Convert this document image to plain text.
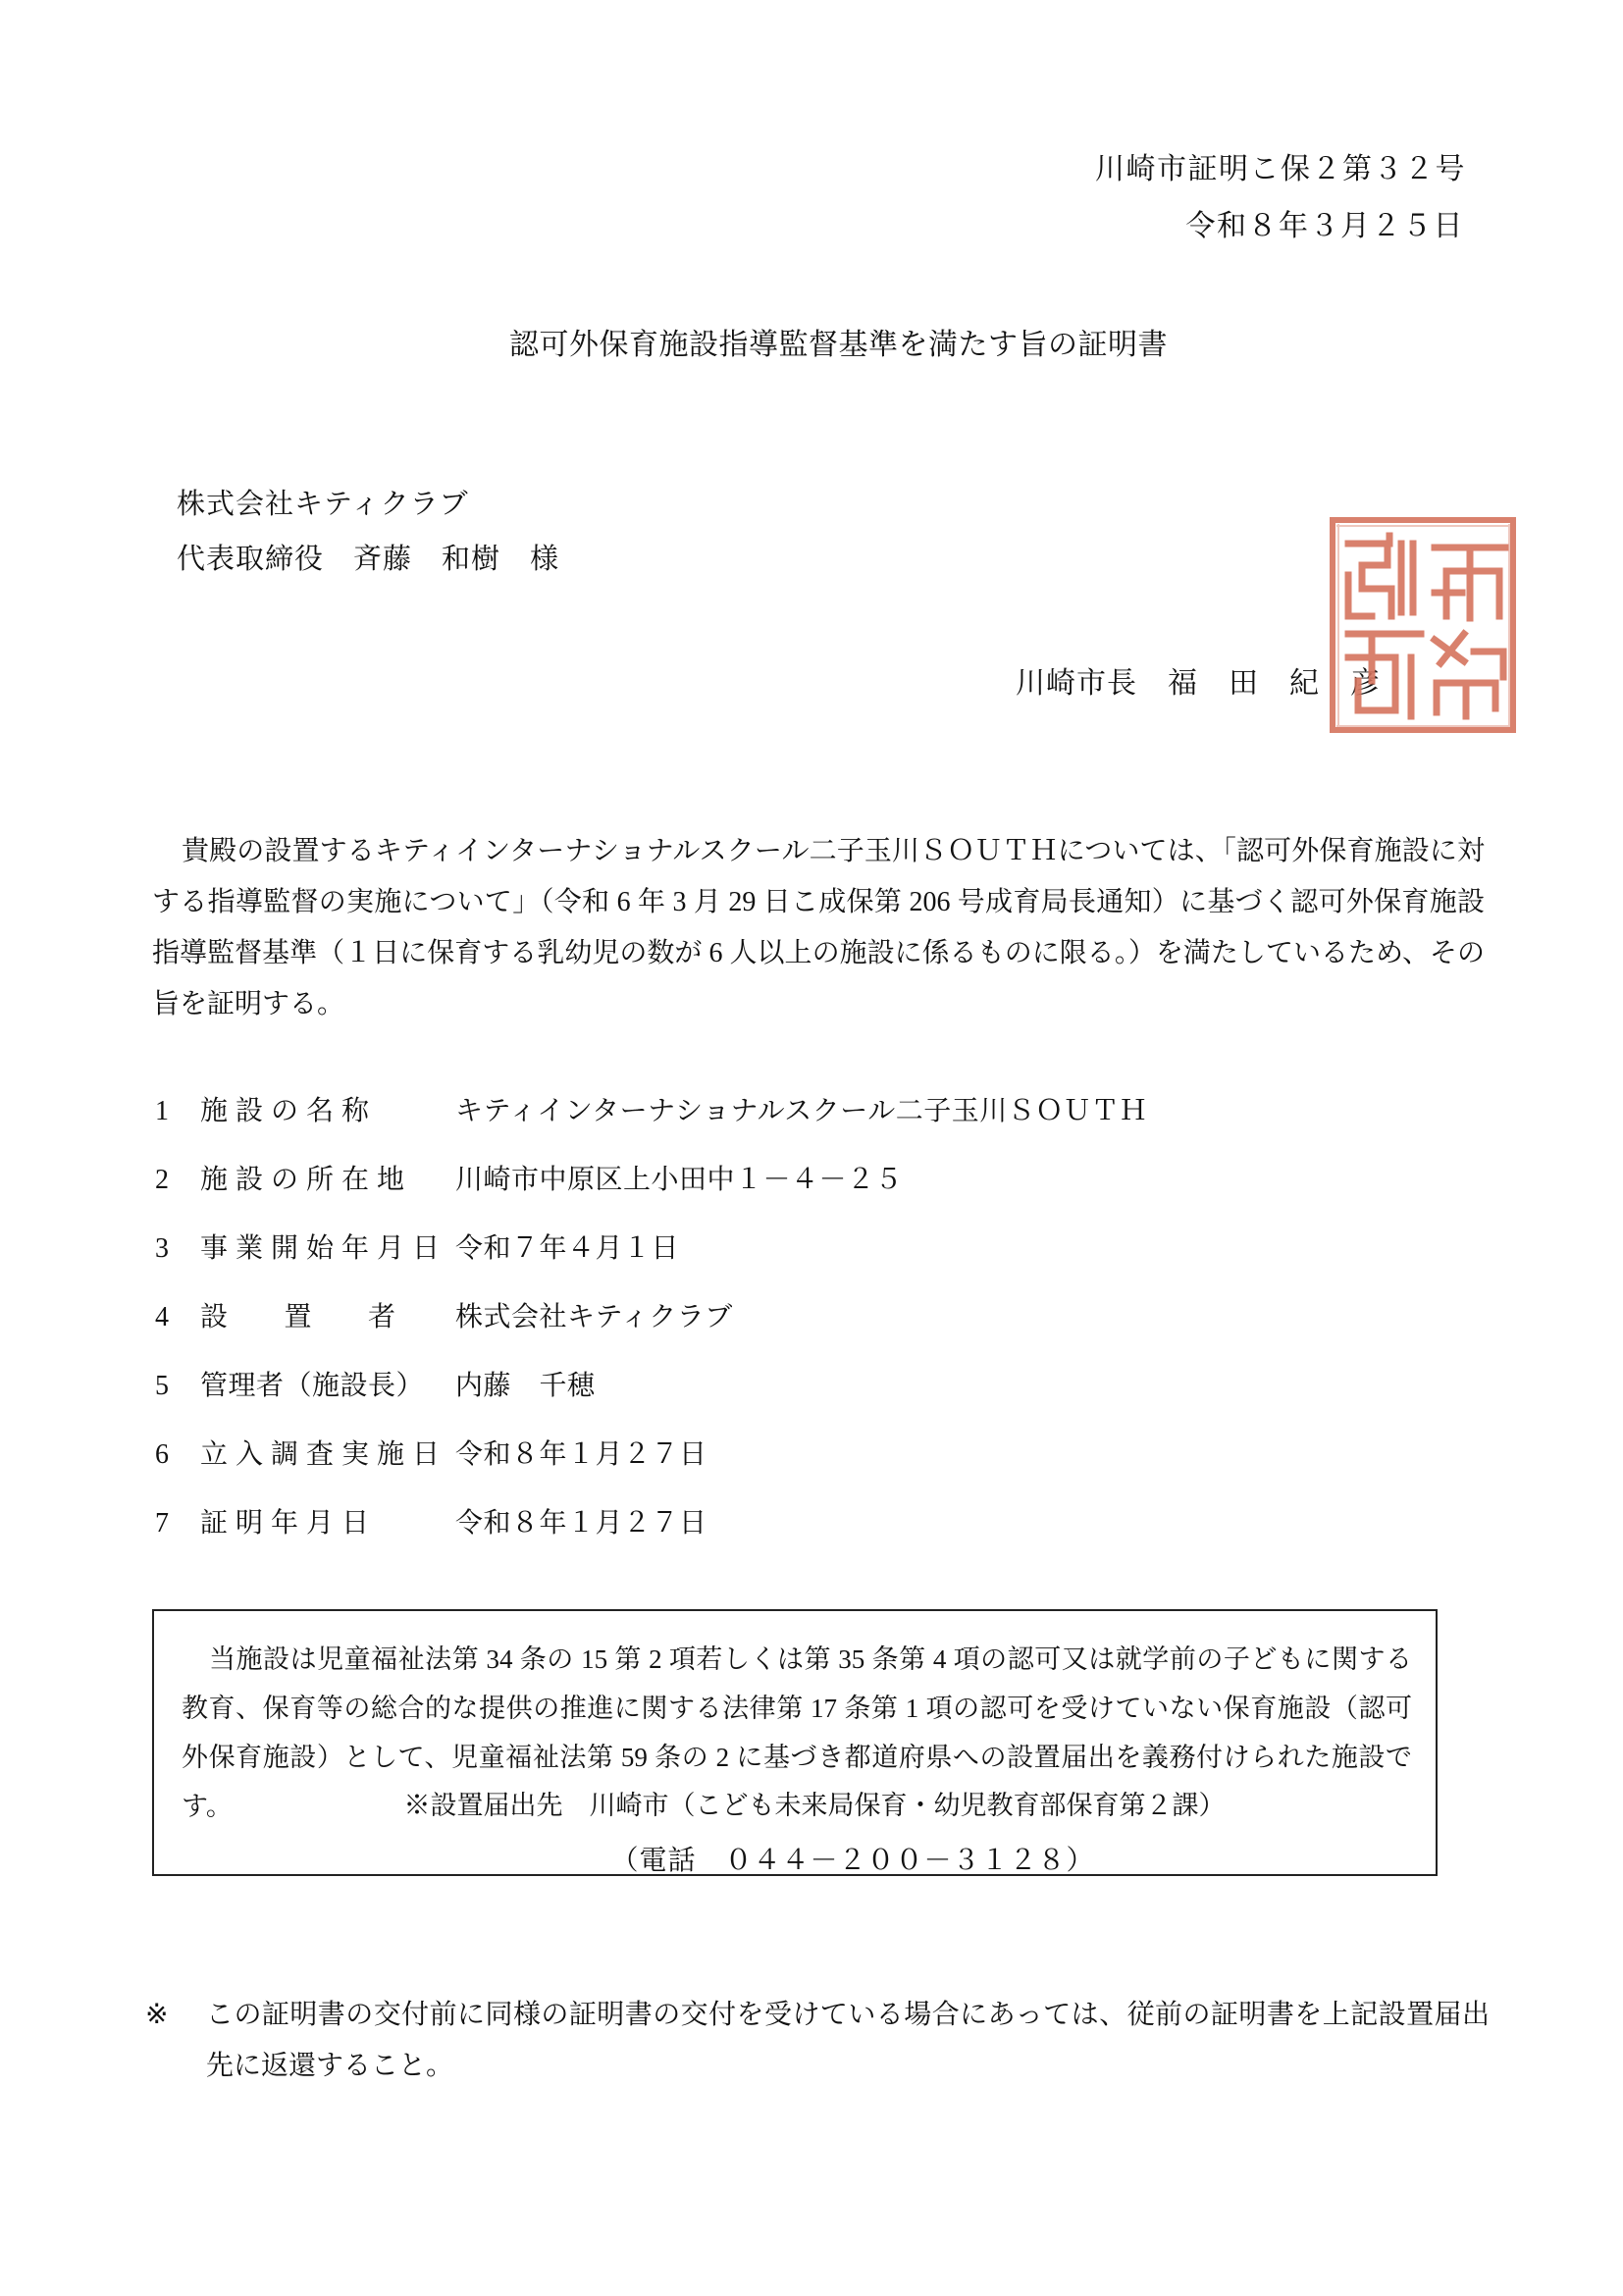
川崎市証明こ保２第３２号
令和８年３月２５日
認可外保育施設指導監督基準を満たす旨の証明書
株式会社キティクラブ
代表取締役　斉藤　和樹　様
川崎市長　福　田　紀　彦
貴殿の設置するキティインターナショナルスクール二子玉川ＳＯＵＴＨについては、「認可外保育施設に対する指導監督の実施について」（令和 6 年 3 月 29 日こ成保第 206 号成育局長通知）に基づく認可外保育施設指導監督基準（１日に保育する乳幼児の数が 6 人以上の施設に係るものに限る。）を満たしているため、その旨を証明する。
1	施 設 の 名 称	キティインターナショナルスクール二子玉川ＳＯＵＴＨ
2	施 設 の 所 在 地	川崎市中原区上小田中１－４－２５
3	事 業 開 始 年 月 日 令和７年４月１日
4	設　　置　　者	株式会社キティクラブ
5	管理者（施設長）	内藤　千穂
6	立 入 調 査 実 施 日 令和８年１月２７日
7	証 明 年 月 日	令和８年１月２７日
当施設は児童福祉法第 34 条の 15 第 2 項若しくは第 35 条第 4 項の認可又は就学前の子どもに関する教育、保育等の総合的な提供の推進に関する法律第 17 条第 1 項の認可を受けていない保育施設（認可外保育施設）として、児童福祉法第 59 条の 2 に基づき都道府県への設置届出を義務付けられた施設です。	※設置届出先　川崎市（こども未来局保育・幼児教育部保育第２課）
（電話　０４４－２００－３１２８）
※ この証明書の交付前に同様の証明書の交付を受けている場合にあっては、従前の証明書を上記設置届出先に返還すること。
